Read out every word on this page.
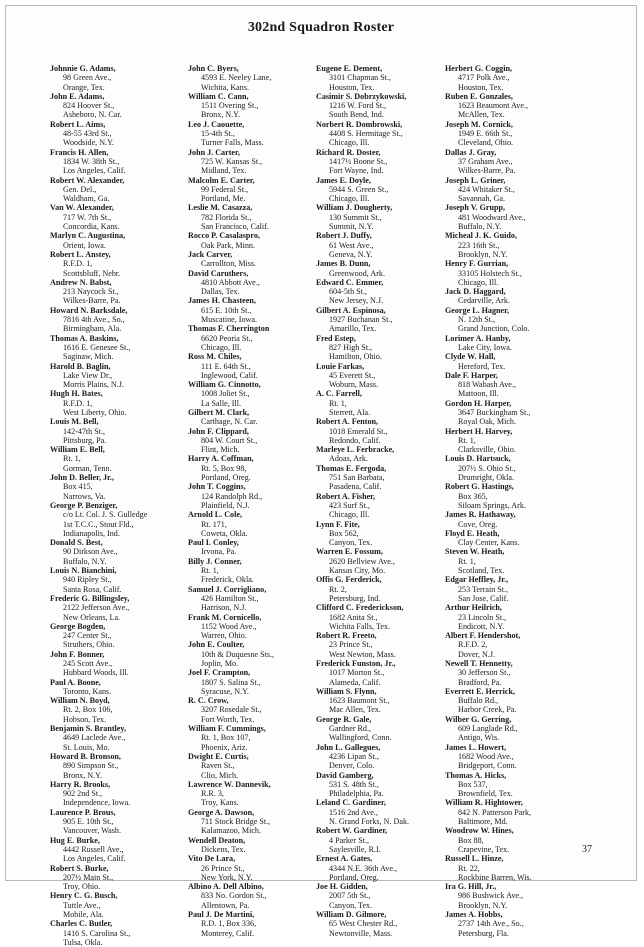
302nd Squadron Roster
Johnnie G. Adams,
98 Green Ave.,
Orange, Tex.
John E. Adams,
824 Hoover St.,
Asheboro, N. Car.
Robert L. Aims,
48-55 43rd St.,
Woodside, N.Y.
Francis H. Allen,
1834 W. 38th St.,
Los Angeles, Calif.
Robert W. Alexander,
Gen. Del.,
Waldham, Ga.
Van W. Alexander,
717 W. 7th St.,
Concordia, Kans.
Marlyn C. Augustina,
Orient, Iowa.
Robert L. Anstey,
R.F.D. 1,
Scottsbluff, Nebr.
Andrew N. Babst,
213 Naycock St.,
Wilkes-Barre, Pa.
Howard N. Barksdale,
7816 4th Ave., So.,
Birmingham, Ala.
Thomas A. Baskins,
1616 E. Genesee St.,
Saginaw, Mich.
Harold B. Baglin,
Lake View Dr.,
Morris Plains, N.J.
Hugh H. Bates,
R.F.D. 1,
West Liberty, Ohio.
Louis M. Bell,
142-47th St.,
Pittsburg, Pa.
William E. Bell,
Rt. 1,
Gorman, Tenn.
John D. Beller, Jr.,
Box 415,
Narrows, Va.
George P. Benziger,
c/o Lt. Col. J. S. Gulledge
1st T.C.C., Stout Fld.,
Indianapolis, Ind.
Donald S. Best,
90 Dirkson Ave.,
Buffalo, N.Y.
Louis N. Bianchini,
940 Ripley St.,
Santa Rosa, Calif.
Frederic G. Billingsley,
2122 Jefferson Ave.,
New Orleans, La.
George Bogden,
247 Center St.,
Struthers, Ohio.
John F. Bonner,
245 Scott Ave.,
Hubbard Woods, Ill.
Paul A. Boone,
Toronto, Kans.
William N. Boyd,
Rt. 2, Box 106,
Hobson, Tex.
Benjamin S. Brantley,
4649 Laclede Ave.,
St. Louis, Mo.
Howard B. Bronson,
890 Simpson St.,
Bronx, N.Y.
Harry R. Brooks,
902 2nd St.,
Independence, Iowa.
Laurence P. Brous,
905 E. 10th St.,
Vancouver, Wash.
Hug E. Burke,
4442 Russell Ave.,
Los Angeles, Calif.
Robert S. Burke,
207½ Main St.,
Troy, Ohio.
Henry C. G. Busch,
Tuttle Ave.,
Mobile, Ala.
Charles C. Butler,
1416 S. Carolina St.,
Tulsa, Okla.
John C. Byers,
4593 E. Neeley Lane,
Wichita, Kans.
William C. Cann,
1511 Overing St.,
Bronx, N.Y.
Leo J. Caouette,
15-4th St.,
Turner Falls, Mass.
John J. Carter,
725 W. Kansas St.,
Midland, Tex.
Malcolm E. Carter,
99 Federal St.,
Portland, Me.
Leslie M. Casazza,
782 Florida St.,
San Francisco, Calif.
Rocco P. Casalaspro,
Oak Park, Minn.
Jack Carver,
Carrollton, Miss.
David Caruthers,
4810 Abbott Ave.,
Dallas, Tex.
James H. Chasteen,
615 E. 10th St.,
Muscatine, Iowa.
Thomas F. Cherrington
6620 Peoria St.,
Chicago, Ill.
Ross M. Chiles,
111 E. 64th St.,
Inglewood, Calif.
William G. Cinnotto,
1008 Joliet St.,
La Salle, Ill.
Gilbert M. Clark,
Carthage, N. Car.
John F. Clippard,
804 W. Court St.,
Flint, Mich.
Harry A. Coffman,
Rt. 5, Box 98,
Portland, Oreg.
John T. Coggins,
124 Randolph Rd.,
Plainfield, N.J.
Arnold L. Cole,
Rt. 171,
Coweta, Okla.
Paul I. Conley,
Irvona, Pa.
Billy J. Conner,
Rt. 1,
Frederick, Okla.
Samuel J. Corrigliano,
426 Hamilton St.,
Harrison, N.J.
Frank M. Cornicello,
1152 Wood Ave.,
Warren, Ohio.
John E. Coulter,
10th & Duquesne Sts.,
Joplin, Mo.
Joel F. Crampton,
1807 S. Salina St.,
Syracuse, N.Y.
R. C. Crow,
3207 Rosedale St.,
Fort Worth, Tex.
William F. Cummings,
Rt. 1, Box 107,
Phoenix, Ariz.
Dwight E. Curtis,
Raven St.,
Clio, Mich.
Lawrence W. Dannevik,
R.R. 3,
Troy, Kans.
George A. Dawson,
711 Stock Bridge St.,
Kalamazoo, Mich.
Wendell Deaton,
Dickens, Tex.
Vito De Lara,
26 Prince St.,
New York, N.Y.
Albino A. Dell Albino,
833 No. Gordon St.,
Allentown, Pa.
Paul J. De Martini,
R.D. 1, Box 336,
Monterey, Calif.
Eugene E. Dement,
3101 Chapman St.,
Houston, Tex.
Casimir S. Dobrzykowski,
1216 W. Ford St.,
South Bend, Ind.
Norbert R. Dombrowski,
4408 S. Hermitage St.,
Chicago, Ill.
Richard R. Doster,
1417½ Boone St.,
Fort Wayne, Ind.
James E. Doyle,
5944 S. Green St.,
Chicago, Ill.
William J. Dougherty,
130 Summit St.,
Summit, N.Y.
Robert J. Duffy,
61 West Ave.,
Geneva, N.Y.
James B. Dunn,
Greenwood, Ark.
Edward C. Emmer,
604-5th St.,
New Jersey, N.J.
Gilbert A. Espinosa,
1927 Buchanan St.,
Amarillo, Tex.
Fred Estep,
827 High St.,
Hamilton, Ohio.
Louie Farkas,
45 Everett St.,
Woburn, Mass.
A. C. Farrell,
Rt. 1,
Sterrett, Ala.
Robert A. Fenton,
1018 Emerald St.,
Redondo, Calif.
Marleye L. Ferbracke,
Adoas, Ark.
Thomas E. Fergoda,
751 San Barbata,
Pasadena, Calif.
Robert A. Fisher,
423 Surf St.,
Chicago, Ill.
Lynn F. Fite,
Box 562,
Canyon, Tex.
Warren E. Fossum,
2620 Bellview Ave.,
Kansas City, Mo.
Offis G. Ferderick,
Rt. 2,
Petersburg, Ind.
Clifford C. Frederickson,
1682 Anita St.,
Wichita Falls, Tex.
Robert R. Freeto,
23 Prince St.,
West Newton, Mass.
Frederick Funston, Jr.,
1017 Morton St.,
Alameda, Calif.
William S. Flynn,
1623 Baumont St.,
Mac Allen, Tex.
George R. Gale,
Gardner Rd.,
Wallingford, Conn.
John L. Gallegues,
4236 Lipan St.,
Denver, Colo.
David Gamberg,
531 S. 48th St.,
Philadelphia, Pa.
Leland C. Gardiner,
1516 2nd Ave.,
N. Grand Forks, N. Dak.
Robert W. Gardiner,
4 Parker St.,
Saylesville, R.I.
Ernest A. Gates,
4344 N.E. 36th Ave.,
Portland, Oreg.
Joe H. Gidden,
2007 5th St.,
Canyon, Tex.
William D. Gilmore,
65 West Chester Rd.,
Newtonville, Mass.
Herbert G. Coggin,
4717 Polk Ave.,
Houston, Tex.
Ruben E. Gonzales,
1623 Beaumont Ave.,
McAllen, Tex.
Joseph M. Cornick,
1949 E. 66th St.,
Cleveland, Ohio.
Dallas J. Gray,
37 Graham Ave.,
Wilkes-Barre, Pa.
Joseph L. Griner,
424 Whitaker St.,
Savannah, Ga.
Joseph V. Grupp,
481 Woodward Ave.,
Buffalo, N.Y.
Micheal J. K. Guido,
223 16th St.,
Brooklyn, N.Y.
Henry F. Gurrian,
33105 Holstech St.,
Chicago, Ill.
Jack D. Haggard,
Cedarville, Ark.
George L. Hagner,
N. 12th St.,
Grand Junction, Colo.
Lorimer A. Hanby,
Lake City, Iowa.
Clyde W. Hall,
Hereford, Tex.
Dale F. Harper,
818 Wabash Ave.,
Mattoon, Ill.
Gordon H. Harper,
3647 Buckingham St.,
Royal Oak, Mich.
Herbert H. Harvey,
Rt. 1,
Clarksville, Ohio.
Louis D. Hartsuck,
207½ S. Ohio St.,
Drumright, Okla.
Robert G. Hastings,
Box 365,
Siloam Springs, Ark.
James R. Hathaway,
Cove, Oreg.
Floyd E. Heath,
Clay Center, Kans.
Steven W. Heath,
Rt. 1,
Scotland, Tex.
Edgar Heffley, Jr.,
253 Terrain St.,
San Jose, Calif.
Arthur Heilrich,
23 Lincoln St.,
Endicott, N.Y.
Albert F. Hendershot,
R.F.D. 2,
Dover, N.J.
Newell T. Hennetty,
30 Jefferson St.,
Bradford, Pa.
Everrett E. Herrick,
Buffalo Rd.,
Harbor Creek, Pa.
Wilber G. Gerring,
609 Langlade Rd.,
Antigo, Wis.
James L. Howert,
1682 Wood Ave.,
Bridgeport, Conn.
Thomas A. Hicks,
Box 537,
Brownfield, Tex.
William R. Hightower,
842 N. Patterson Park,
Baltimore, Md.
Woodrow W. Hines,
Box 88,
Crapevine, Tex.
Russell L. Hinze,
Rt. 22,
Rockbine Barren, Wis.
Ira G. Hill, Jr.,
986 Bushwick Ave.,
Brooklyn, N.Y.
James A. Hobbs,
2737 14th Ave., So.,
Petersburg, Fla.
37
